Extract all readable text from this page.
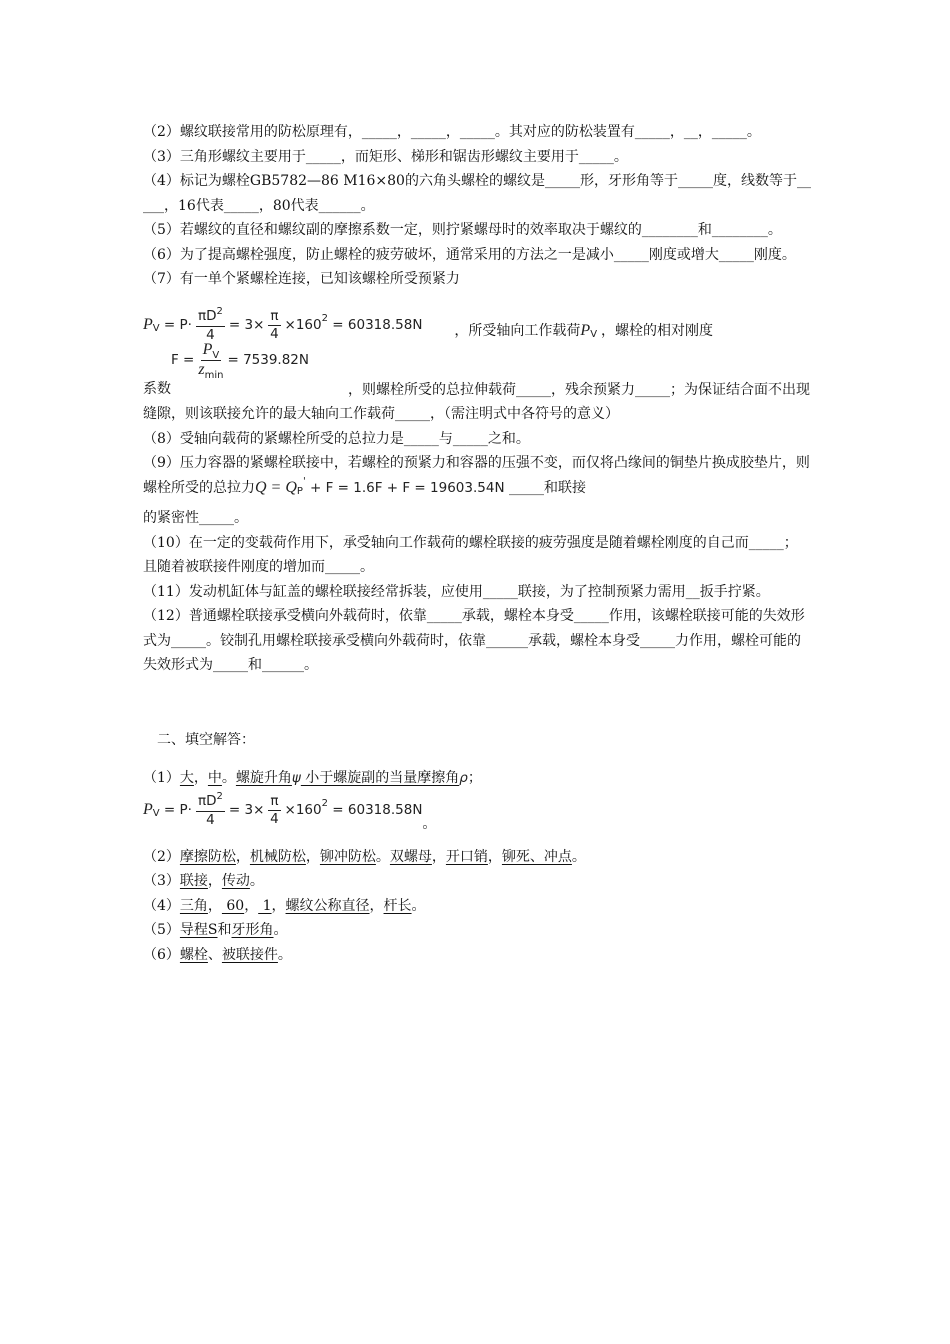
（2）螺纹联接常用的防松原理有，_____，_____，_____。其对应的防松装置有_____，__，_____。

（3）三角形螺纹主要用于_____，而矩形、梯形和锯齿形螺纹主要用于_____。

（4）标记为螺栓GB5782—86 M16×80的六角头螺栓的螺纹是_____形，牙形角等于_____度，线数等于_____，16代表_____，80代表______。

（5）若螺纹的直径和螺纹副的摩擦系数一定，则拧紧螺母时的效率取决于螺纹的________和________。

（6）为了提高螺栓强度，防止螺栓的疲劳破坏，通常采用的方法之一是减小_____刚度或增大_____刚度。

（7）有一单个紧螺栓连接，已知该螺栓所受预紧力

P V
= $P\cdot \frac{\pi D^2}{4} = 3\times \frac{\pi}{4} \times 160$ 2
= 60318.58N ，所受轴向工作载荷 P V ，螺栓的相对刚度
系数
$F = \frac{P_V}{z_{min}} = 7539.82N$

，则螺栓所受的总拉伸载荷_____，残余预紧力_____；为保证结合面不出现缝隙，则该联接允许的最大轴向工作载荷_____，（需注明式中各符号的意义）

（8）受轴向载荷的紧螺栓所受的总拉力是_____与_____之和。

（9）压力容器的紧螺栓联接中，若螺栓的预紧力和容器的压强不变，而仅将凸缘间的铜垫片换成胶垫片，则螺栓所受的总拉力 Q = Q P
'
+ F = 1.6F + F = 19603.54N _____和联接

的紧密性_____。

（10）在一定的变载荷作用下，承受轴向工作载荷的螺栓联接的疲劳强度是随着螺栓刚度的自己而_____；且随着被联接件刚度的增加而_____。

（11）发动机缸体与缸盖的螺栓联接经常拆装，应使用_____联接，为了控制预紧力需用__扳手拧紧。

（12）普通螺栓联接承受横向外载荷时，依靠_____承载，螺栓本身受_____作用，该螺栓联接可能的失效形式为_____。铰制孔用螺栓联接承受横向外载荷时，依靠______承载，螺栓本身受_____力作用，螺栓可能的失效形式为_____和______。

二、填空解答：

（1）大，中。螺旋升角ψ 小于螺旋副的当量摩擦角ρ；

P V
= $P\cdot \frac{\pi D^2}{4} = 3\times \frac{\pi}{4} \times 160$ 2
= 60318.58N
。

（2）摩擦防松，机械防松，铆冲防松。双螺母，开口销，铆死、冲点。

（3）联接，传动。

（4）三角， 60， 1，螺纹公称直径，杆长。

（5）导程S和牙形角。

（6）螺栓、被联接件。
